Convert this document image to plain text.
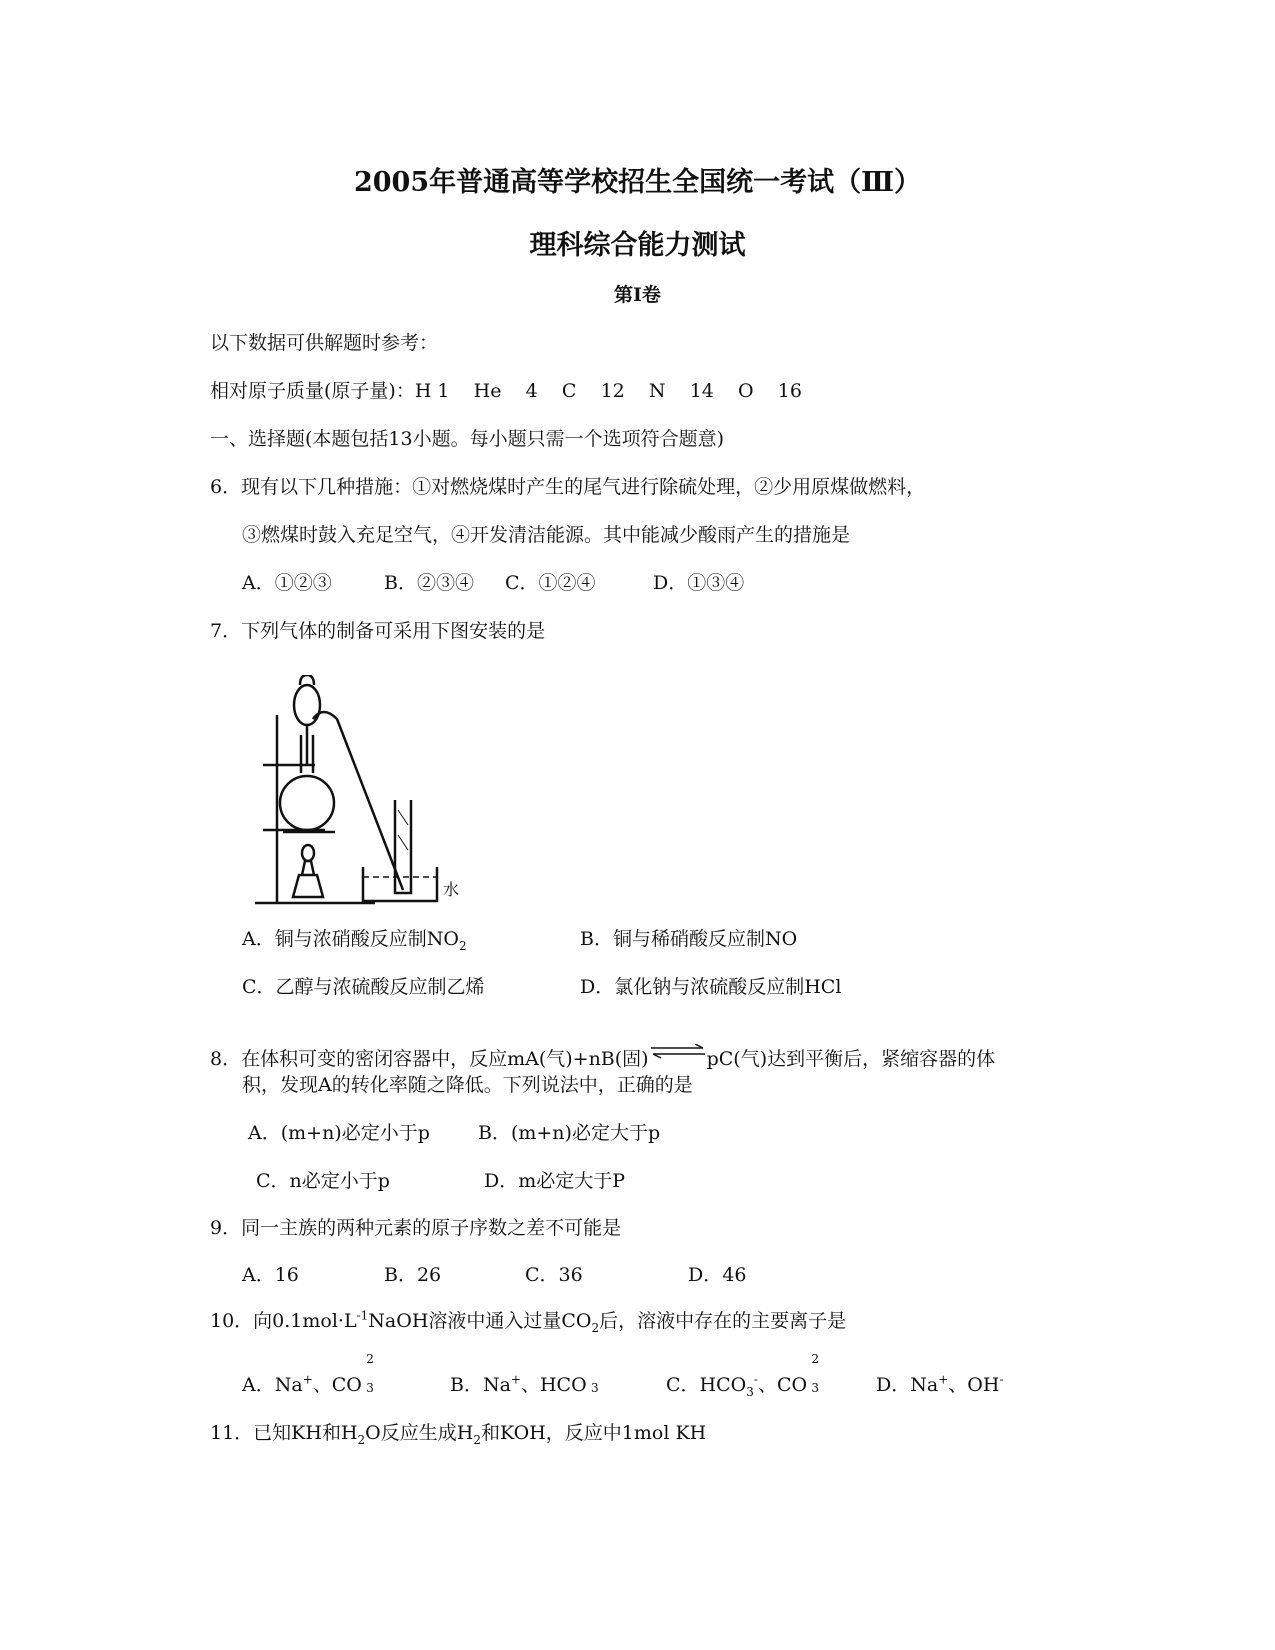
2005年普通高等学校招生全国统一考试（Ⅲ）
理科综合能力测试
第Ⅰ卷
以下数据可供解题时参考：
相对原子质量(原子量)：H 1    He    4    C    12    N    14    O    16
一、选择题(本题包括13小题。每小题只需一个选项符合题意)
6．现有以下几种措施：①对燃烧煤时产生的尾气进行除硫处理，②少用原煤做燃料，
③燃煤时鼓入充足空气，④开发清洁能源。其中能减少酸雨产生的措施是
A．①②③	B．②③④ C．①②④	D．①③④
7．下列气体的制备可采用下图安装的是
水
A．铜与浓硝酸反应制$NO_2$	B．铜与稀硝酸反应制NO
C．乙醇与浓硫酸反应制乙烯	D．氯化钠与浓硫酸反应制HCl
8．在体积可变的密闭容器中，反应mA(气)+nB(固)⇌pC(气)达到平衡后，紧缩容器的体
积，发现A的转化率随之降低。下列说法中，正确的是
A．(m+n)必定小于p	B．(m+n)必定大于p
C．n必定小于p	D．m必定大于P
9．同一主族的两种元素的原子序数之差不可能是
A．16	B．26	C．36	D．46
10．向$0.1mol\cdot L^{-1}NaOH$溶液中通入过量$CO_2$后，溶液中存在的主要离子是
A．Na+、CO
2
3	B．Na+、HCO 3	C．$HCO_3^-$、CO
2
3	D．Na+、OH-
11．已知KH和$H_2O$反应生成$H_2$和KOH，反应中1mol KH
